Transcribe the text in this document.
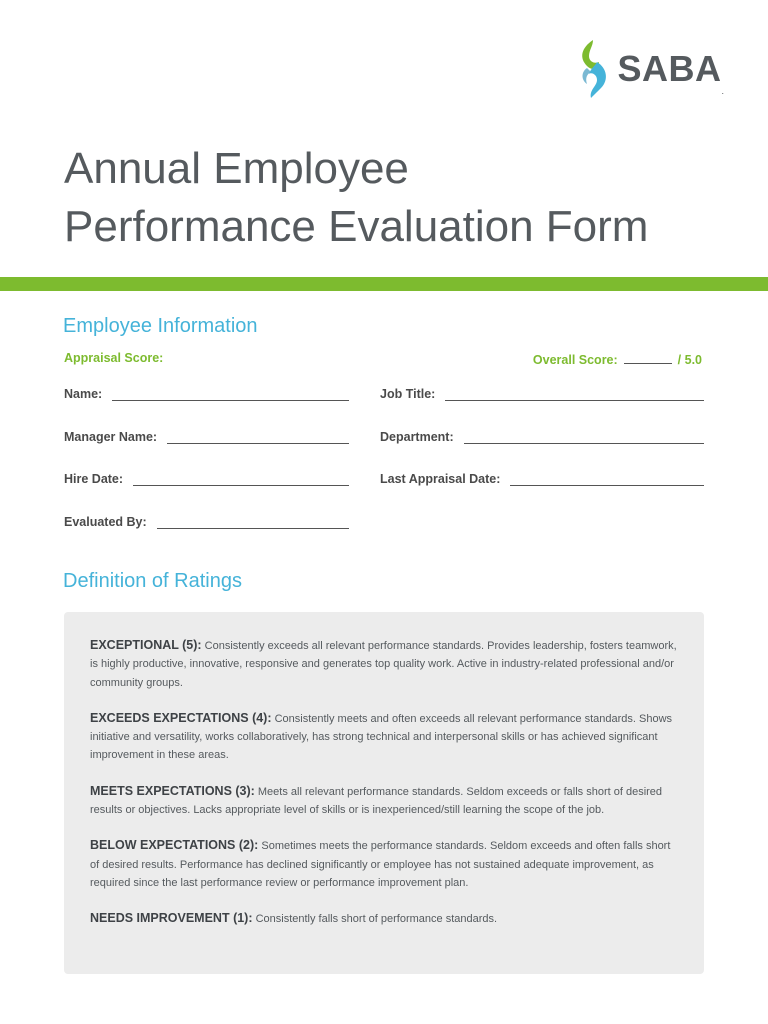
SABA
.
Annual Employee
Performance Evaluation Form
Employee Information
Appraisal Score:	Overall Score:	/ 5.0
Name:	Job Title:
Manager Name:	Department:
Hire Date:	Last Appraisal Date:
Evaluated By:
Definition of Ratings

EXCEPTIONAL (5): Consistently exceeds all relevant performance standards. Provides leadership, fosters teamwork, is highly productive, innovative, responsive and generates top quality work. Active in industry-related professional and/or community groups.

EXCEEDS EXPECTATIONS (4): Consistently meets and often exceeds all relevant performance standards. Shows initiative and versatility, works collaboratively, has strong technical and interpersonal skills or has achieved significant improvement in these areas.

MEETS EXPECTATIONS (3): Meets all relevant performance standards. Seldom exceeds or falls short of desired results or objectives. Lacks appropriate level of skills or is inexperienced/still learning the scope of the job.

BELOW EXPECTATIONS (2): Sometimes meets the performance standards. Seldom exceeds and often falls short of desired results. Performance has declined significantly or employee has not sustained adequate improvement, as required since the last performance review or performance improvement plan.

NEEDS IMPROVEMENT (1): Consistently falls short of performance standards.
